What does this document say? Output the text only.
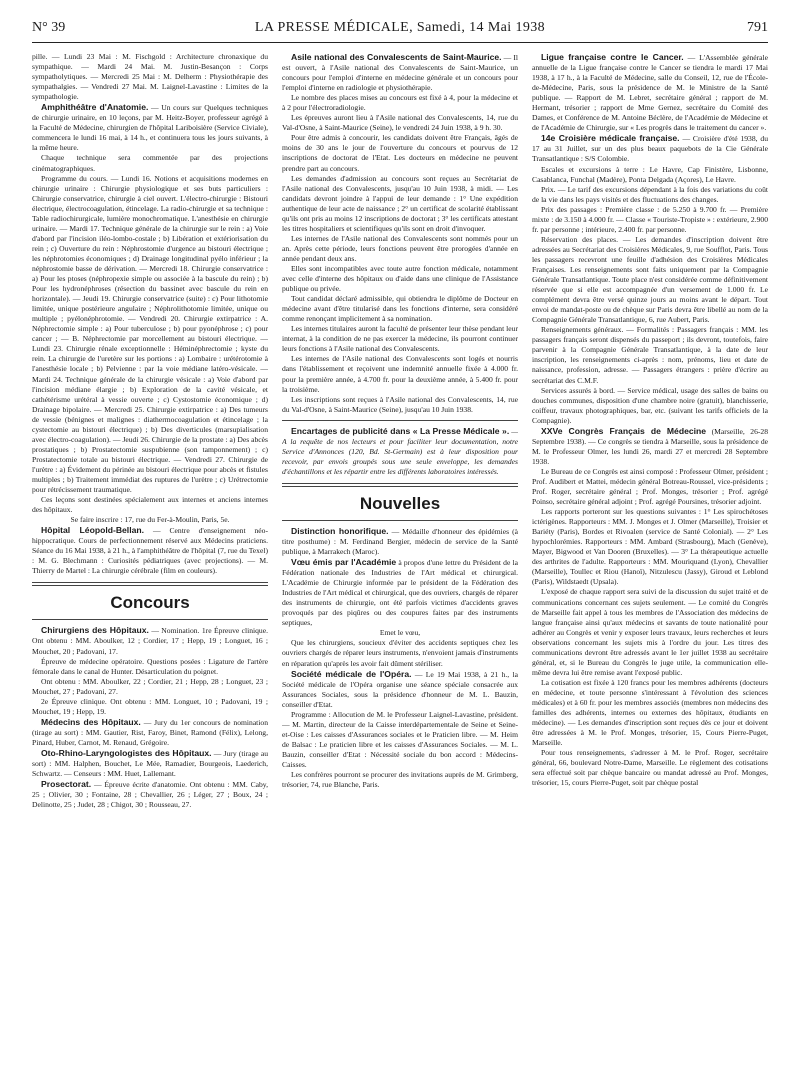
N° 39	LA PRESSE MÉDICALE, Samedi, 14 Mai 1938	791

pille. — Lundi 23 Mai : M. Fischgold : Architecture chronaxique du sympathique. — Mardi 24 Mai. M. Justin-Besançon : Corps sympatholytiques. — Mercredi 25 Mai : M. Delherm : Physiothérapie des sympathalgies. — Vendredi 27 Mai. M. Laignel-Lavastine : Limites de la sympathologie.

Amphithéâtre d'Anatomie. — Un cours sur Quelques techniques de chirurgie urinaire, en 10 leçons, par M. Heitz-Boyer, professeur agrégé à la Faculté de Médecine, chirurgien de l'hôpital Lariboisière (Service Civiale), commencera le lundi 16 mai, à 14 h., et continuera tous les jours suivants, à la même heure.

Chaque technique sera commentée par des projections cinématographiques.

Programme du cours. — Lundi 16. Notions et acquisitions modernes en chirurgie urinaire : Chirurgie physiologique et ses buts particuliers : Chirurgie conservatrice, chirurgie à ciel ouvert. L'électro-chirurgie : Bistouri électrique, électrocoagulation, étincelage. La radio-chirurgie et sa technique : Table radiochirurgicale, lumière monochromatique. L'anesthésie en chirurgie urinaire. — Mardi 17. Technique générale de la chirurgie sur le rein : a) Voie d'abord par l'incision iléo-lombo-costale ; b) Libération et extériorisation du rein ; c) Ouverture du rein : Néphrostomie d'urgence au bistouri électrique ; les néphrotomies économiques ; d) Drainage longitudinal pyélo inférieur ; la néphrostomie basse de dérivation. — Mercredi 18. Chirurgie conservatrice : a) Pour les ptoses (néphropexie simple ou associée à la bascule du rein) ; b) Pour les hydronéphroses (résection du bassinet avec bascule du rein en horizontale). — Jeudi 19. Chirurgie conservatrice (suite) : c) Pour lithotomie limitée, unique postérieure angulaire ; Néphrolithotomie limitée, unique ou multiple ; pyélonéphrotomie. — Vendredi 20. Chirurgie extirpatrice : A. Néphrectomie simple : a) Pour tuberculose ; b) pour pyonéphrose ; c) pour cancer ; — B. Néphrectomie par morcellement au bistouri électrique. — Lundi 23. Chirurgie rénale exceptionnelle : Héminéphrectomie ; kyste du rein. La chirurgie de l'uretère sur les portions : a) Lombaire : urétérotomie à l'anesthésie locale ; b) Pelvienne : par la voie médiane latéro-vésicale. — Mardi 24. Technique générale de la chirurgie vésicale : a) Voie d'abord par l'incision médiane élargie ; b) Exploration de la cavité vésicale, et cathétérisme urétéral à vessie ouverte ; c) Cystostomie économique ; d) Drainage bipolaire. — Mercredi 25. Chirurgie extirpatrice : a) Des tumeurs de vessie (bénignes et malignes : diathermocoagulation et étincelage ; la cystectomie au bistouri électrique) ; b) Des diverticules (marsupialisation avec électro-coagulation). — Jeudi 26. Chirurgie de la prostate : a) Des abcès prostatiques ; b) Prostatectomie suspubienne (son tamponnement) ; c) Prostatectomie totale au bistouri électrique. — Vendredi 27. Chirurgie de l'urètre : a) Évidement du périnée au bistouri électrique pour abcès et fistules multiples ; b) Traitement immédiat des ruptures de l'urètre ; c) Urétrectomie pour rétrécissement traumatique.

Ces leçons sont destinées spécialement aux internes et anciens internes des hôpitaux.

Se faire inscrire : 17, rue du Fer-à-Moulin, Paris, 5e.

Hôpital Léopold-Bellan. — Centre d'enseignement néo-hippocratique. Cours de perfectionnement réservé aux Médecins praticiens. Séance du 16 Mai 1938, à 21 h., à l'amphithéâtre de l'hôpital (7, rue du Texel) : M. G. Blechmann : Curiosités pédiatriques (avec projections). — M. Thierry de Martel : La chirurgie cérébrale (film en couleurs).

Concours

Chirurgiens des Hôpitaux. — Nomination. 1re Épreuve clinique. Ont obtenu : MM. Aboulker, 12 ; Cordier, 17 ; Hepp, 19 ; Longuet, 16 ; Mouchet, 20 ; Padovani, 17.

Épreuve de médecine opératoire. Questions posées : Ligature de l'artère fémorale dans le canal de Hunter. Désarticulation du poignet.

Ont obtenu : MM. Aboulker, 22 ; Cordier, 21 ; Hepp, 28 ; Longuet, 23 ; Mouchet, 27 ; Padovani, 27.

2e Épreuve clinique. Ont obtenu : MM. Longuet, 10 ; Padovani, 19 ; Mouchet, 19 ; Hepp, 19.

Médecins des Hôpitaux. — Jury du 1er concours de nomination (tirage au sort) : MM. Gautier, Rist, Faroy, Binet, Ramond (Félix), Lelong, Pinard, Huber, Carnot, M. Renaud, Grégoire.

Oto-Rhino-Laryngologistes des Hôpitaux. — Jury (tirage au sort) : MM. Halphen, Bouchet, Le Mée, Ramadier, Bourgeois, Laederich, Schwartz. — Censeurs : MM. Huet, Lallemant.

Prosectorat. — Épreuve écrite d'anatomie. Ont obtenu : MM. Caby, 25 ; Olivier, 30 ; Fontaine, 28 ; Chevallier, 26 ; Léger, 27 ; Boux, 24 ; Delinotte, 25 ; Judet, 28 ; Chigot, 30 ; Rousseau, 27.

Asile national des Convalescents de Saint-Maurice. — Il est ouvert, à l'Asile national des Convalescents de Saint-Maurice, un concours pour l'emploi d'interne en médecine générale et un concours pour l'emploi d'interne en radiologie et physiothérapie.

Le nombre des places mises au concours est fixé à 4, pour la médecine et à 2 pour l'électroradiologie.

Les épreuves auront lieu à l'Asile national des Convalescents, 14, rue du Val-d'Osne, à Saint-Maurice (Seine), le vendredi 24 Juin 1938, à 9 h. 30.

Pour être admis à concourir, les candidats doivent être Français, âgés de moins de 30 ans le jour de l'ouverture du concours et pourvus de 12 inscriptions de doctorat de l'Etat. Les docteurs en médecine ne peuvent prendre part au concours.

Les demandes d'admission au concours sont reçues au Secrétariat de l'Asile national des Convalescents, jusqu'au 10 Juin 1938, à midi. — Les candidats devront joindre à l'appui de leur demande : 1° Une expédition authentique de leur acte de naissance ; 2° un certificat de scolarité établissant qu'ils ont pris au moins 12 inscriptions de doctorat ; 3° les certificats attestant les titres hospitaliers et scientifiques qu'ils sont en droit d'invoquer.

Les internes de l'Asile national des Convalescents sont nommés pour un an. Après cette période, leurs fonctions peuvent être prorogées d'année en année pendant deux ans.

Elles sont incompatibles avec toute autre fonction médicale, notamment avec celle d'interne des hôpitaux ou d'aide dans une clinique de l'Assistance publique ou privée.

Tout candidat déclaré admissible, qui obtiendra le diplôme de Docteur en médecine avant d'être titularisé dans les fonctions d'interne, sera considéré comme renonçant implicitement à sa nomination.

Les internes titulaires auront la faculté de présenter leur thèse pendant leur internat, à la condition de ne pas exercer la médecine, ils pourront continuer leurs fonctions à l'Asile national des Convalescents.

Les internes de l'Asile national des Convalescents sont logés et nourris dans l'établissement et reçoivent une indemnité annuelle fixée à 4.000 fr. pour la première année, à 4.700 fr. pour la deuxième année, à 5.400 fr. pour la troisième.

Les inscriptions sont reçues à l'Asile national des Convalescents, 14, rue du Val-d'Osne, à Saint-Maurice (Seine), jusqu'au 10 Juin 1938.

Encartages de publicité dans « La Presse Médicale ». — A la requête de nos lecteurs et pour faciliter leur documentation, notre Service d'Annonces (120, Bd. St-Germain) est à leur disposition pour recevoir, par envois groupés sous une seule enveloppe, les demandes d'échantillons et les répartir entre les différents laboratoires intéressés.

Nouvelles

Distinction honorifique. — Médaille d'honneur des épidémies (à titre posthume) : M. Ferdinand Bergier, médecin de service de la Santé publique, à Marrakech (Maroc).

Vœu émis par l'Académie à propos d'une lettre du Président de la Fédération nationale des Industries de l'Art médical et chirurgical. L'Académie de Chirurgie informée par le président de la Fédération des Industries de l'Art médical et chirurgical, que des ouvriers, chargés de réparer des instruments de chirurgie, ont été parfois victimes d'accidents graves provoqués par des piqûres ou des coupures faites par des instruments septiques,

Emet le vœu,

Que les chirurgiens, soucieux d'éviter des accidents septiques chez les ouvriers chargés de réparer leurs instruments, n'envoient jamais d'instruments en réparation qu'après les avoir fait dûment stériliser.

Société médicale de l'Opéra. — Le 19 Mai 1938, à 21 h., la Société médicale de l'Opéra organise une séance spéciale consacrée aux Assurances Sociales, sous la présidence d'honneur de M. L. Bauzin, conseiller d'Etat.

Programme : Allocution de M. le Professeur Laignel-Lavastine, président. — M. Martin, directeur de la Caisse interdépartementale de Seine et Seine-et-Oise : Les caisses d'Assurances sociales et le Praticien libre. — M. Heim de Balsac : Le praticien libre et les caisses d'Assurances Sociales. — M. L. Bauzin, conseiller d'Etat : Nécessité sociale du bon accord : Médecins-Caisses.

Les confrères pourront se procurer des invitations auprès de M. Grimberg, trésorier, 74, rue Blanche, Paris.

Ligue française contre le Cancer. — L'Assemblée générale annuelle de la Ligue française contre le Cancer se tiendra le mardi 17 Mai 1938, à 17 h., à la Faculté de Médecine, salle du Conseil, 12, rue de l'École-de-Médecine, Paris, sous la présidence de M. le Ministre de la Santé publique. — Rapport de M. Lebret, secrétaire général ; rapport de M. Hermant, trésorier ; rapport de Mme Gernez, secrétaire du Comité des Dames, et Conférence de M. Antoine Béclère, de l'Académie de Médecine et de l'Académie de Chirurgie, sur « Les progrès dans le traitement du cancer ».

14e Croisière médicale française. — Croisière d'été 1938, du 17 au 31 Juillet, sur un des plus beaux paquebots de la Cie Générale Transatlantique : S/S Colombie.

Escales et excursions à terre : Le Havre, Cap Finistère, Lisbonne, Casablanca, Funchal (Madère), Ponta Delgada (Açores), Le Havre.

Prix. — Le tarif des excursions dépendant à la fois des variations du coût de la vie dans les pays visités et des fluctuations des changes.

Prix des passages : Première classe : de 5.250 à 9.700 fr. — Première mixte : de 3.150 à 4.000 fr. — Classe « Touriste-Tropiste » : extérieure, 2.900 fr. par personne ; intérieure, 2.400 fr. par personne.

Réservation des places. — Les demandes d'inscription doivent être adressées au Secrétariat des Croisières Médicales, 9, rue Soufflot, Paris. Tous les passagers recevront une feuille d'adhésion des Croisières Médicales Françaises. Les renseignements sont faits uniquement par la Compagnie Générale Transatlantique. Toute place n'est considérée comme définitivement réservée que si elle est accompagnée d'un versement de 1.000 fr. Le complément devra être versé quinze jours au moins avant le départ. Tout envoi de mandat-poste ou de chèque sur Paris devra être libellé au nom de la Compagnie Générale Transatlantique, 6, rue Aubert, Paris.

Renseignements généraux. — Formalités : Passagers français : MM. les passagers français seront dispensés du passeport ; ils devront, toutefois, faire parvenir à la Compagnie Générale Transatlantique, à la date de leur inscription, les renseignements ci-après : nom, prénoms, lieu et date de naissance, profession, adresse. — Passagers étrangers : prière d'écrire au secrétariat des C.M.F.

Services assurés à bord. — Service médical, usage des salles de bains ou douches communes, disposition d'une chambre noire (gratuit), blanchisserie, coiffeur, travaux photographiques, bar, etc. (suivant les tarifs officiels de la Compagnie).

XXVe Congrès Français de Médecine (Marseille, 26-28 Septembre 1938). — Ce congrès se tiendra à Marseille, sous la présidence de M. le Professeur Olmer, les lundi 26, mardi 27 et mercredi 28 Septembre 1938.

Le Bureau de ce Congrès est ainsi composé : Professeur Olmer, président ; Prof. Audibert et Mattei, médecin général Botreau-Roussel, vice-présidents ; Prof. Roger, secrétaire général ; Prof. Monges, trésorier ; Prof. agrégé Poinso, secrétaire général adjoint ; Prof. agrégé Poursines, trésorier adjoint.

Les rapports porteront sur les questions suivantes : 1° Les spirochétoses ictérigènes. Rapporteurs : MM. J. Monges et J. Olmer (Marseille), Troisier et Bariéty (Paris), Bordes et Rivoalen (service de Santé Colonial). — 2° Les hypochlorémies. Rapporteurs : MM. Ambard (Strasbourg), Mach (Genève), Mayer, Bigwood et Van Dooren (Bruxelles). — 3° La thérapeutique actuelle des arthrites de l'adulte. Rapporteurs : MM. Mouriquand (Lyon), Chevallier (Marseille), Toullec et Riou (Hanoï), Nitzulescu (Jassy), Giroud et Leblond (Paris), Wildstaedt (Upsala).

L'exposé de chaque rapport sera suivi de la discussion du sujet traité et de communications concernant ces sujets seulement. — Le comité du Congrès de Marseille fait appel à tous les membres de l'Association des médecins de langue française ainsi qu'aux médecins et savants de toute nationalité pour adhérer au Congrès et venir y exposer leurs travaux, leurs recherches et leurs observations concernant les sujets mis à l'ordre du jour. Les titres des communications devront être adressés avant le 1er juillet 1938 au secrétaire général, et, si le Bureau du Congrès le juge utile, la communication elle-même devra lui être remise avant l'exposé public.

La cotisation est fixée à 120 francs pour les membres adhérents (docteurs en médecine, et toute personne s'intéressant à l'évolution des sciences médicales) et à 60 fr. pour les membres associés (membres non médecins des familles des adhérents, internes ou externes des hôpitaux, étudiants en médecine). — Les demandes d'inscription sont reçues dès ce jour et doivent être adressées à M. le Prof. Monges, trésorier, 15, Cours Pierre-Puget, Marseille.

Pour tous renseignements, s'adresser à M. le Prof. Roger, secrétaire général, 66, boulevard Notre-Dame, Marseille. Le règlement des cotisations sera effectué soit par chèque bancaire ou mandat adressé au Prof. Monges, trésorier, 15, cours Pierre-Puget, soit par chèque postal
